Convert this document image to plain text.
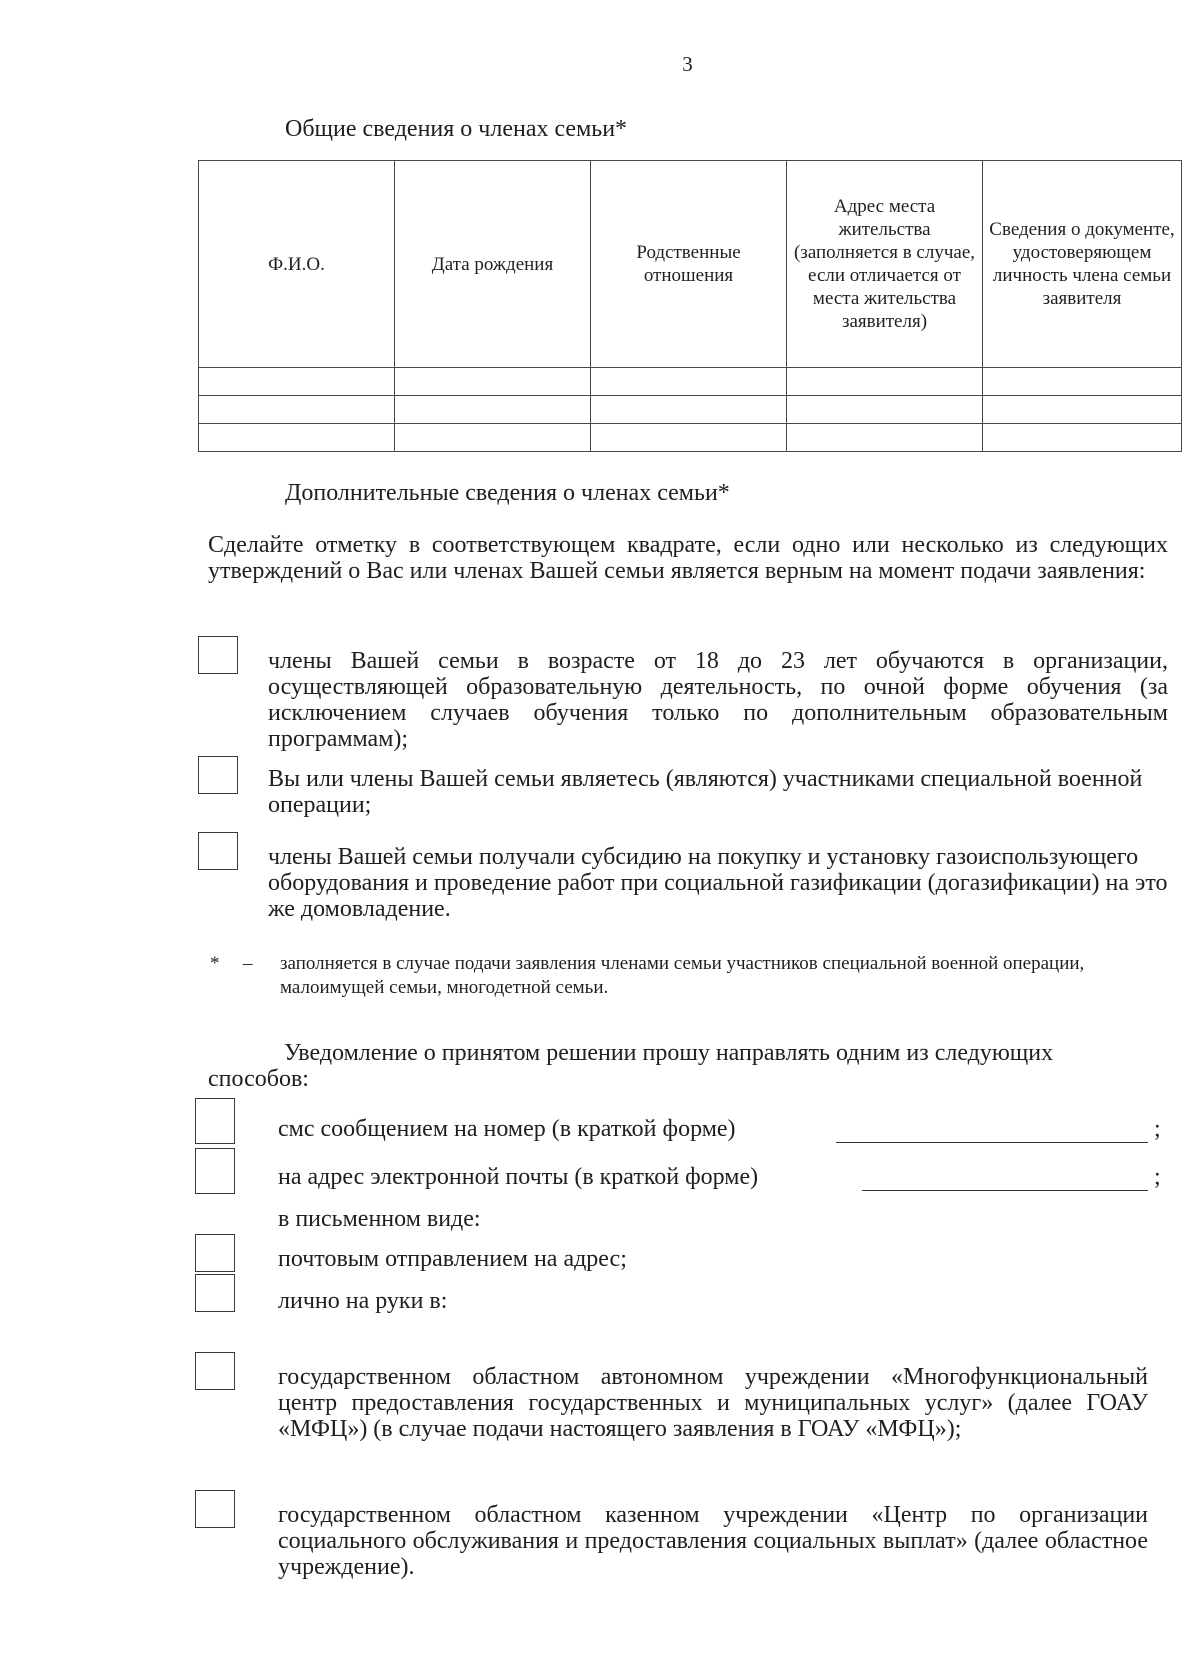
3
Общие сведения о членах семьи*
Ф.И.О.	Дата рождения	Родственные отношения	Адрес места жительства (заполняется в случае, если отличается от места жительства заявителя)	Сведения о документе, удостоверяющем личность члена семьи заявителя

Дополнительные сведения о членах семьи*
Сделайте отметку в соответствующем квадрате, если одно или несколько из следующих утверждений о Вас или членах Вашей семьи является верным на момент подачи заявления:
члены Вашей семьи в возрасте от 18 до 23 лет обучаются в организации, осуществляющей образовательную деятельность, по очной форме обучения (за исключением случаев обучения только по дополнительным образовательным программам);
Вы или члены Вашей семьи являетесь (являются) участниками специальной военной операции;
члены Вашей семьи получали субсидию на покупку и установку газоиспользующего оборудования и проведение работ при социальной газификации (догазификации) на это же домовладение.
* – заполняется в случае подачи заявления членами семьи участников специальной военной операции, малоимущей семьи, многодетной семьи.
Уведомление о принятом решении прошу направлять одним из следующих способов:
смс сообщением на номер (в краткой форме)	;
на адрес электронной почты (в краткой форме)	;
в письменном виде:
почтовым отправлением на адрес;
лично на руки в:
государственном областном автономном учреждении «Многофункциональный центр предоставления государственных и муниципальных услуг» (далее ГОАУ «МФЦ») (в случае подачи настоящего заявления в ГОАУ «МФЦ»);
государственном областном казенном учреждении «Центр по организации социального обслуживания и предоставления социальных выплат» (далее областное учреждение).
